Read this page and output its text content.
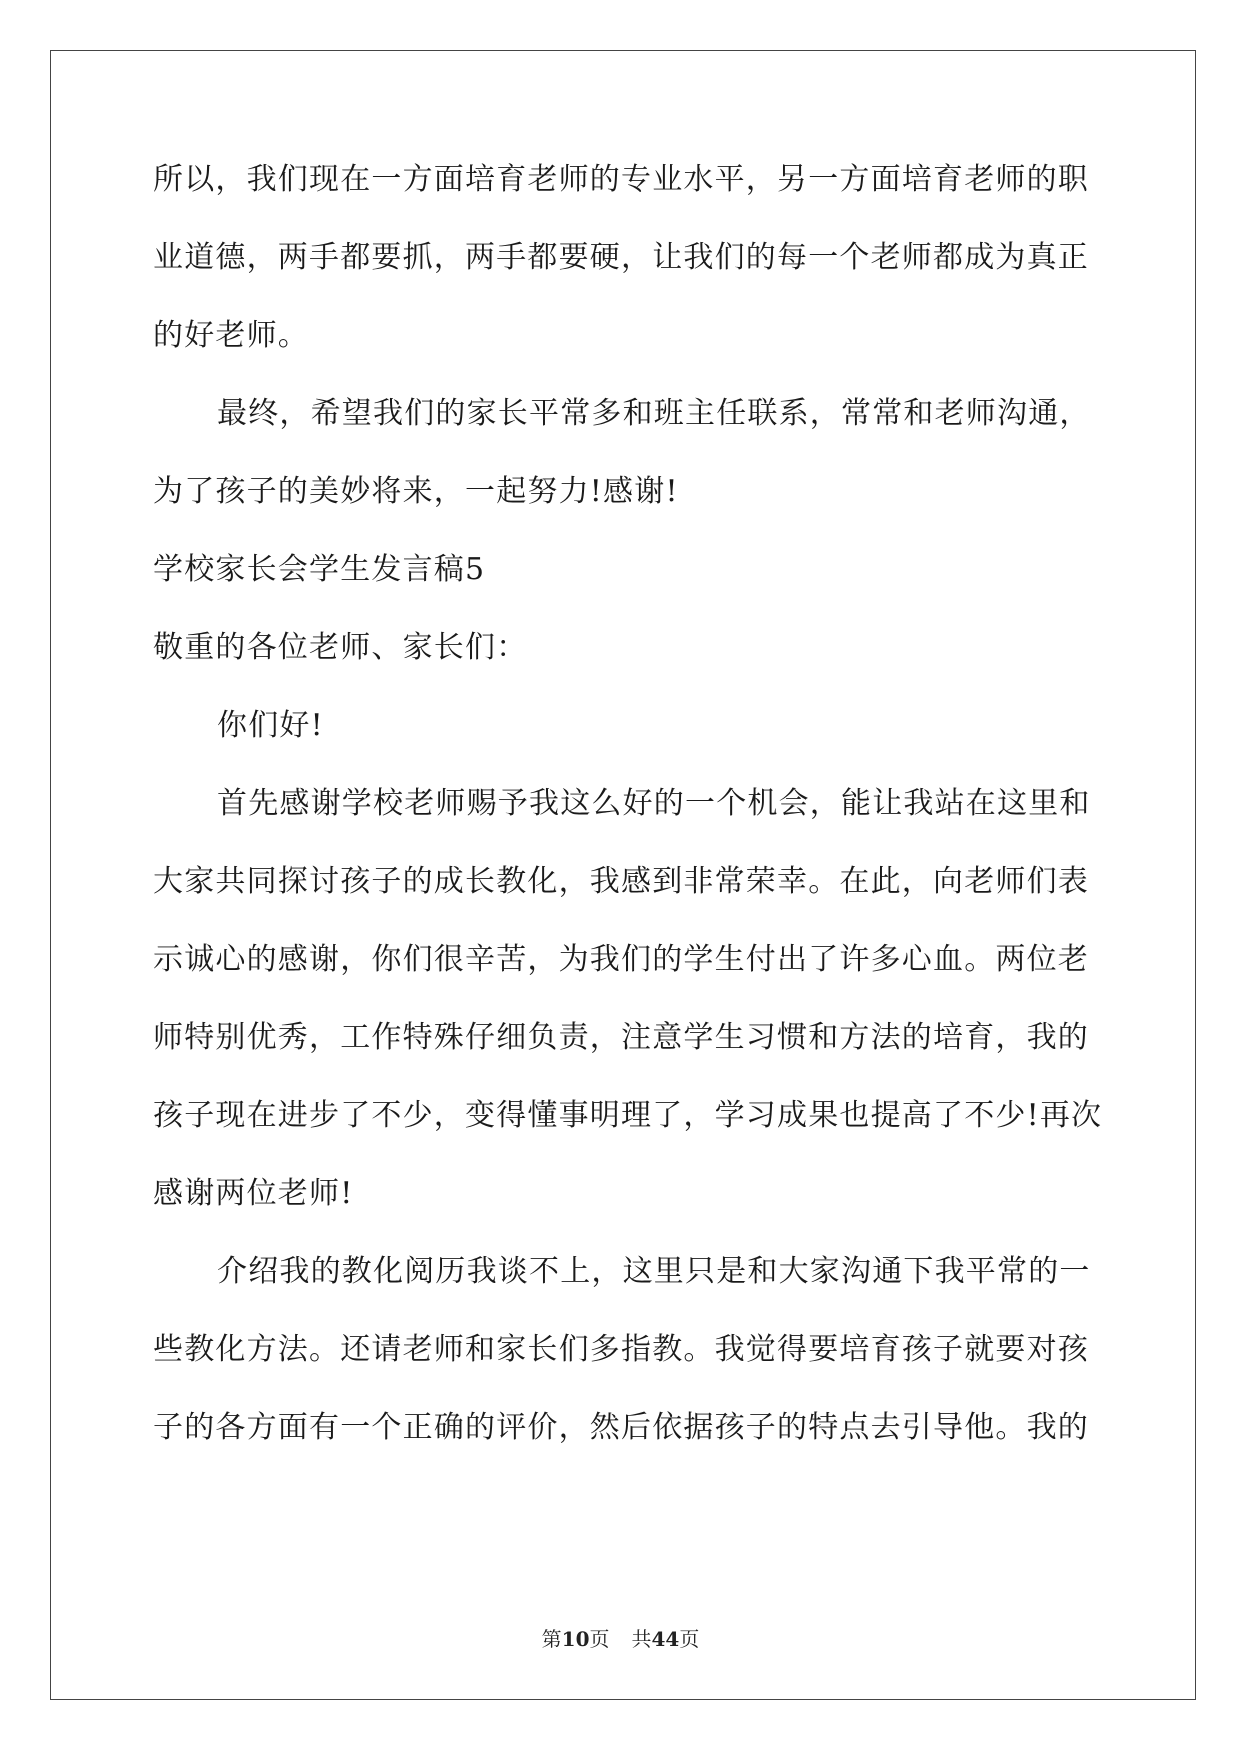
所以，我们现在一方面培育老师的专业水平，另一方面培育老师的职
业道德，两手都要抓，两手都要硬，让我们的每一个老师都成为真正
的好老师。
最终，希望我们的家长平常多和班主任联系，常常和老师沟通，
为了孩子的美妙将来，一起努力!感谢!
学校家长会学生发言稿5
敬重的各位老师、家长们：
你们好!
首先感谢学校老师赐予我这么好的一个机会，能让我站在这里和
大家共同探讨孩子的成长教化，我感到非常荣幸。在此，向老师们表
示诚心的感谢，你们很辛苦，为我们的学生付出了许多心血。两位老
师特别优秀，工作特殊仔细负责，注意学生习惯和方法的培育，我的
孩子现在进步了不少，变得懂事明理了，学习成果也提高了不少!再次
感谢两位老师!
介绍我的教化阅历我谈不上，这里只是和大家沟通下我平常的一
些教化方法。还请老师和家长们多指教。我觉得要培育孩子就要对孩
子的各方面有一个正确的评价，然后依据孩子的特点去引导他。我的
第10页 共44页
